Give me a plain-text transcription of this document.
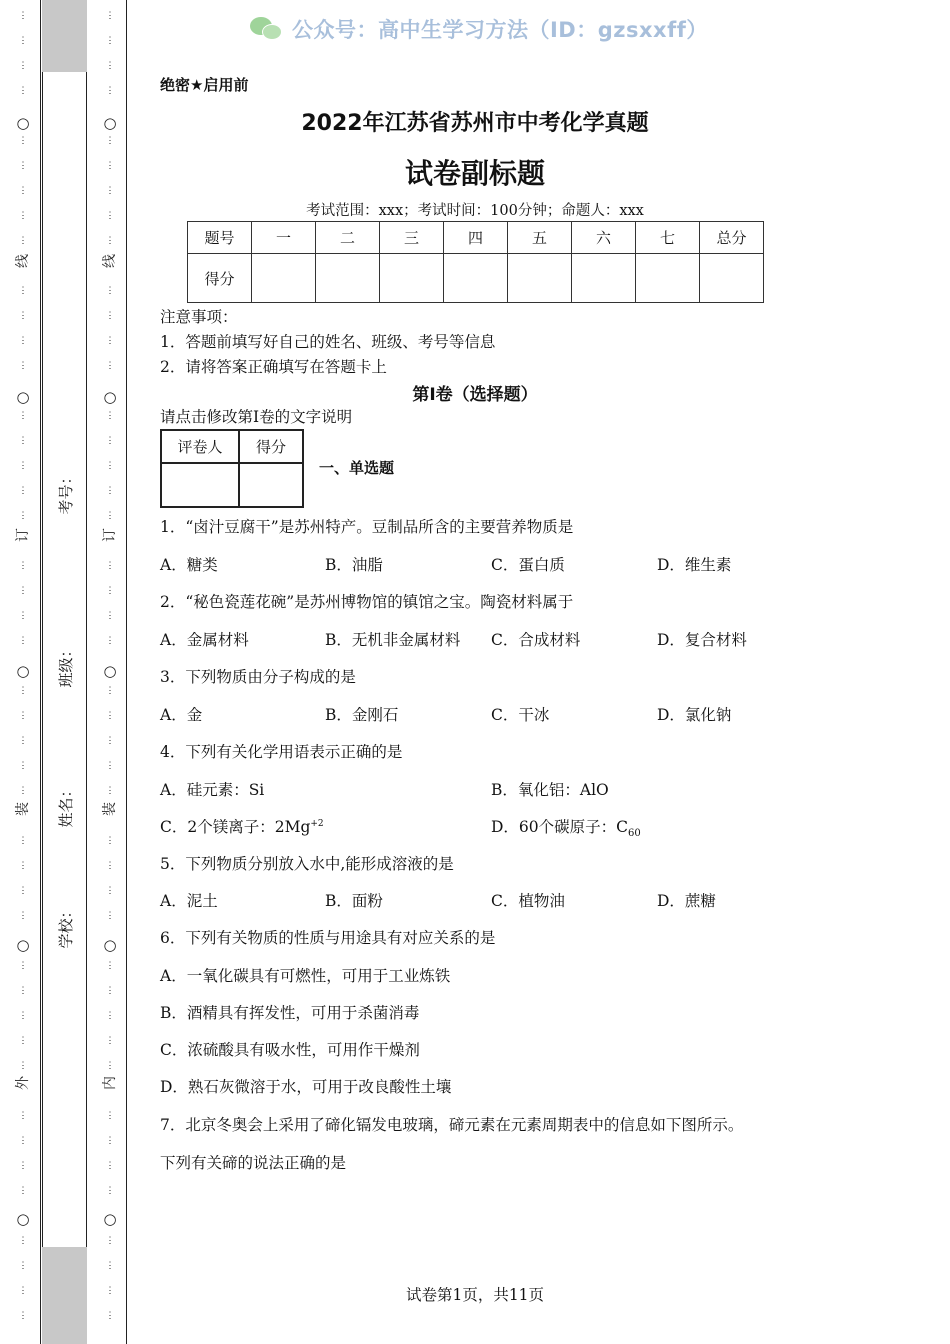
⋮
⋮
⋮
⋮
⋮
⋮
⋮
⋮
⋮
⋮
⋮
⋮
⋮
⋮
⋮
⋮
⋮
⋮
⋮
⋮
⋮
⋮
⋮
⋮
⋮
⋮
⋮
⋮
⋮
⋮
⋮
⋮
⋮
⋮
⋮
⋮
⋮
⋮
⋮
⋮
⋮
⋮
⋮
⋮
○
○
○
○
○
线
订
装
外
⋮
⋮
⋮
⋮
⋮
⋮
⋮
⋮
⋮
⋮
⋮
⋮
⋮
⋮
⋮
⋮
⋮
⋮
⋮
⋮
⋮
⋮
⋮
⋮
⋮
⋮
⋮
⋮
⋮
⋮
⋮
⋮
⋮
⋮
⋮
⋮
⋮
⋮
⋮
⋮
⋮
⋮
⋮
⋮
○
○
○
○
○
线
订
装
内
考号：
班级：
姓名：
学校：
公众号：高中生学习方法（ID：gzsxxff）
绝密★启用前
2022年江苏省苏州市中考化学真题
试卷副标题
考试范围：xxx；考试时间：100分钟；命题人：xxx
题号	一	二	三	四	五	六	七	总分
得分								
注意事项：
1．答题前填写好自己的姓名、班级、考号等信息
2．请将答案正确填写在答题卡上
第I卷（选择题）
请点击修改第I卷的文字说明
评卷人	得分

一、单选题
1．“卤汁豆腐干”是苏州特产。豆制品所含的主要营养物质是
A．糖类	B．油脂	C．蛋白质	D．维生素
2．“秘色瓷莲花碗”是苏州博物馆的镇馆之宝。陶瓷材料属于
A．金属材料	B．无机非金属材料 C．合成材料	D．复合材料
3．下列物质由分子构成的是
A．金	B．金刚石	C．干冰	D．氯化钠
4．下列有关化学用语表示正确的是
A．硅元素：Si	B．氧化铝：AlO
C．2个镁离子：$2Mg^{+2}$	D．60个碳原子：$C_{60}$
5．下列物质分别放入水中,能形成溶液的是
A．泥土	B．面粉	C．植物油	D．蔗糖
6．下列有关物质的性质与用途具有对应关系的是
A．一氧化碳具有可燃性，可用于工业炼铁
B．酒精具有挥发性，可用于杀菌消毒
C．浓硫酸具有吸水性，可用作干燥剂
D．熟石灰微溶于水，可用于改良酸性土壤
7．北京冬奥会上采用了碲化镉发电玻璃，碲元素在元素周期表中的信息如下图所示。
下列有关碲的说法正确的是
试卷第1页，共11页
